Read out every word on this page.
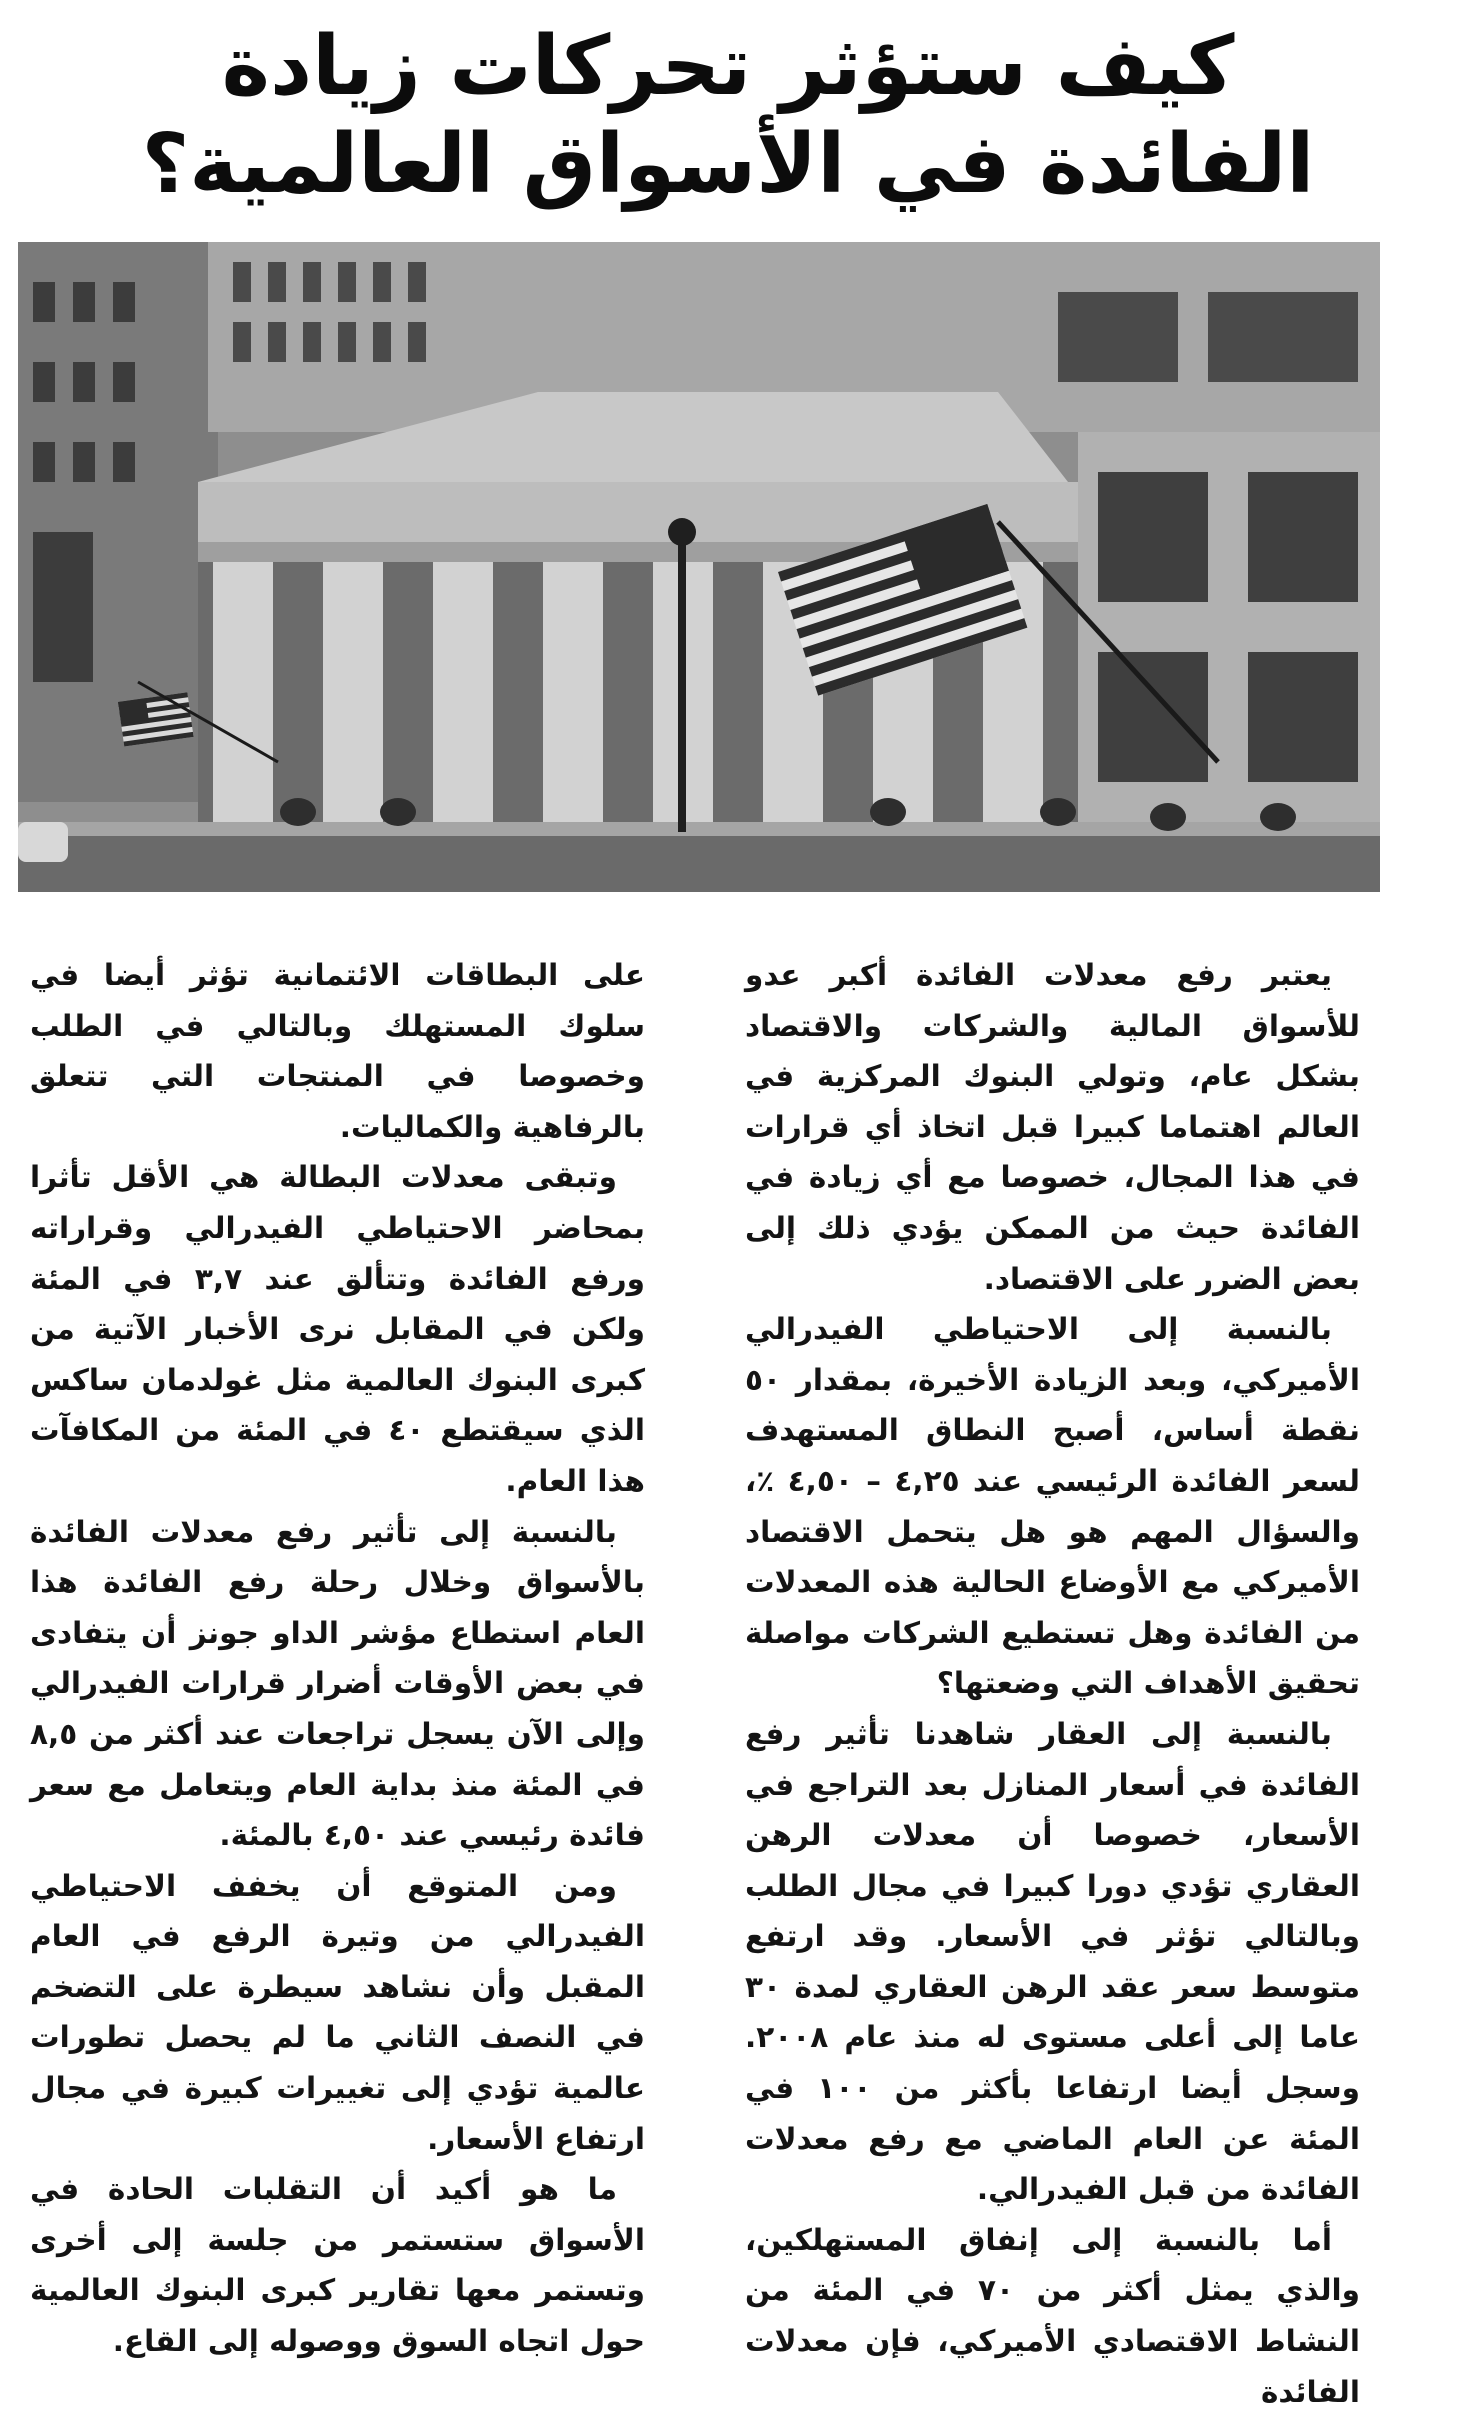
كيف ستؤثر تحركات زيادة
الفائدة في الأسواق العالمية؟

يعتبر رفع معدلات الفائدة أكبر عدو للأسواق المالية والشركات والاقتصاد بشكل عام، وتولي البنوك المركزية في العالم اهتماما كبيرا قبل اتخاذ أي قرارات في هذا المجال، خصوصا مع أي زيادة في الفائدة حيث من الممكن يؤدي ذلك إلى بعض الضرر على الاقتصاد.

بالنسبة إلى الاحتياطي الفيدرالي الأميركي، وبعد الزيادة الأخيرة، بمقدار ٥٠ نقطة أساس، أصبح النطاق المستهدف لسعر الفائدة الرئيسي عند ٤,٢٥ – ٤,٥٠ ٪، والسؤال المهم هو هل يتحمل الاقتصاد الأميركي مع الأوضاع الحالية هذه المعدلات من الفائدة وهل تستطيع الشركات مواصلة تحقيق الأهداف التي وضعتها؟

بالنسبة إلى العقار شاهدنا تأثير رفع الفائدة في أسعار المنازل بعد التراجع في الأسعار، خصوصا أن معدلات الرهن العقاري تؤدي دورا كبيرا في مجال الطلب وبالتالي تؤثر في الأسعار. وقد ارتفع متوسط سعر عقد الرهن العقاري لمدة ٣٠ عاما إلى أعلى مستوى له منذ عام ٢٠٠٨. وسجل أيضا ارتفاعا بأكثر من ١٠٠ في المئة عن العام الماضي مع رفع معدلات الفائدة من قبل الفيدرالي.

أما بالنسبة إلى إنفاق المستهلكين، والذي يمثل أكثر من ٧٠ في المئة من النشاط الاقتصادي الأميركي، فإن معدلات الفائدة

على البطاقات الائتمانية تؤثر أيضا في سلوك المستهلك وبالتالي في الطلب وخصوصا في المنتجات التي تتعلق بالرفاهية والكماليات.

وتبقى معدلات البطالة هي الأقل تأثرا بمحاضر الاحتياطي الفيدرالي وقراراته ورفع الفائدة وتتألق عند ٣,٧ في المئة ولكن في المقابل نرى الأخبار الآتية من كبرى البنوك العالمية مثل غولدمان ساكس الذي سيقتطع ٤٠ في المئة من المكافآت هذا العام.

بالنسبة إلى تأثير رفع معدلات الفائدة بالأسواق وخلال رحلة رفع الفائدة هذا العام استطاع مؤشر الداو جونز أن يتفادى في بعض الأوقات أضرار قرارات الفيدرالي وإلى الآن يسجل تراجعات عند أكثر من ٨,٥ في المئة منذ بداية العام ويتعامل مع سعر فائدة رئيسي عند ٤,٥٠ بالمئة.

ومن المتوقع أن يخفف الاحتياطي الفيدرالي من وتيرة الرفع في العام المقبل وأن نشاهد سيطرة على التضخم في النصف الثاني ما لم يحصل تطورات عالمية تؤدي إلى تغييرات كبيرة في مجال ارتفاع الأسعار.

ما هو أكيد أن التقلبات الحادة في الأسواق ستستمر من جلسة إلى أخرى وتستمر معها تقارير كبرى البنوك العالمية حول اتجاه السوق ووصوله إلى القاع.
